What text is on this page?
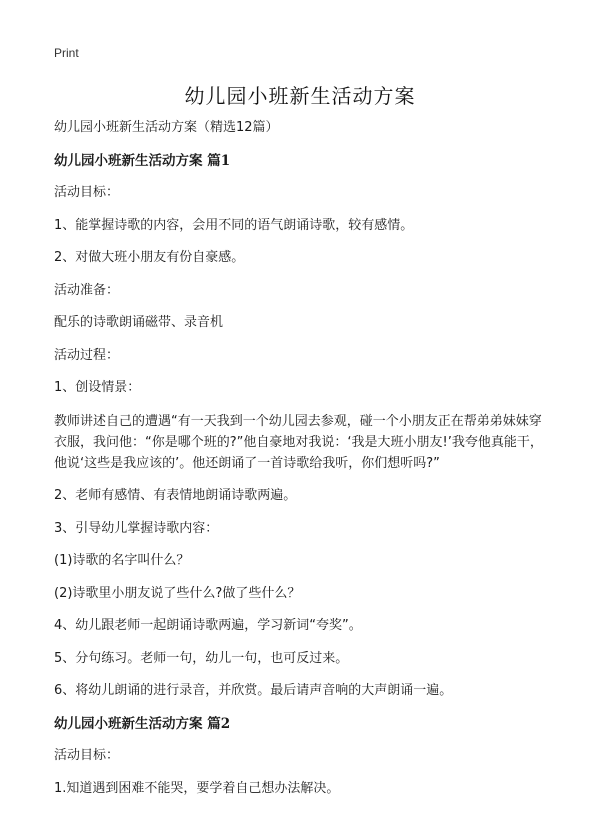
Print
幼儿园小班新生活动方案

幼儿园小班新生活动方案（精选12篇）

幼儿园小班新生活动方案 篇1

活动目标：

1、能掌握诗歌的内容，会用不同的语气朗诵诗歌，较有感情。

2、对做大班小朋友有份自豪感。

活动准备：

配乐的诗歌朗诵磁带、录音机

活动过程：

1、创设情景：

教师讲述自己的遭遇“有一天我到一个幼儿园去参观，碰一个小朋友正在帮弟弟妹妹穿衣服，我问他：“你是哪个班的?”他自豪地对我说：‘我是大班小朋友!’我夸他真能干，他说‘这些是我应该的’。他还朗诵了一首诗歌给我听，你们想听吗?”

2、老师有感情、有表情地朗诵诗歌两遍。

3、引导幼儿掌握诗歌内容：

(1)诗歌的名字叫什么？

(2)诗歌里小朋友说了些什么?做了些什么？

4、幼儿跟老师一起朗诵诗歌两遍，学习新词“夸奖”。

5、分句练习。老师一句，幼儿一句，也可反过来。

6、将幼儿朗诵的进行录音，并欣赏。最后请声音响的大声朗诵一遍。

幼儿园小班新生活动方案 篇2

活动目标：

1.知道遇到困难不能哭，要学着自己想办法解决。
